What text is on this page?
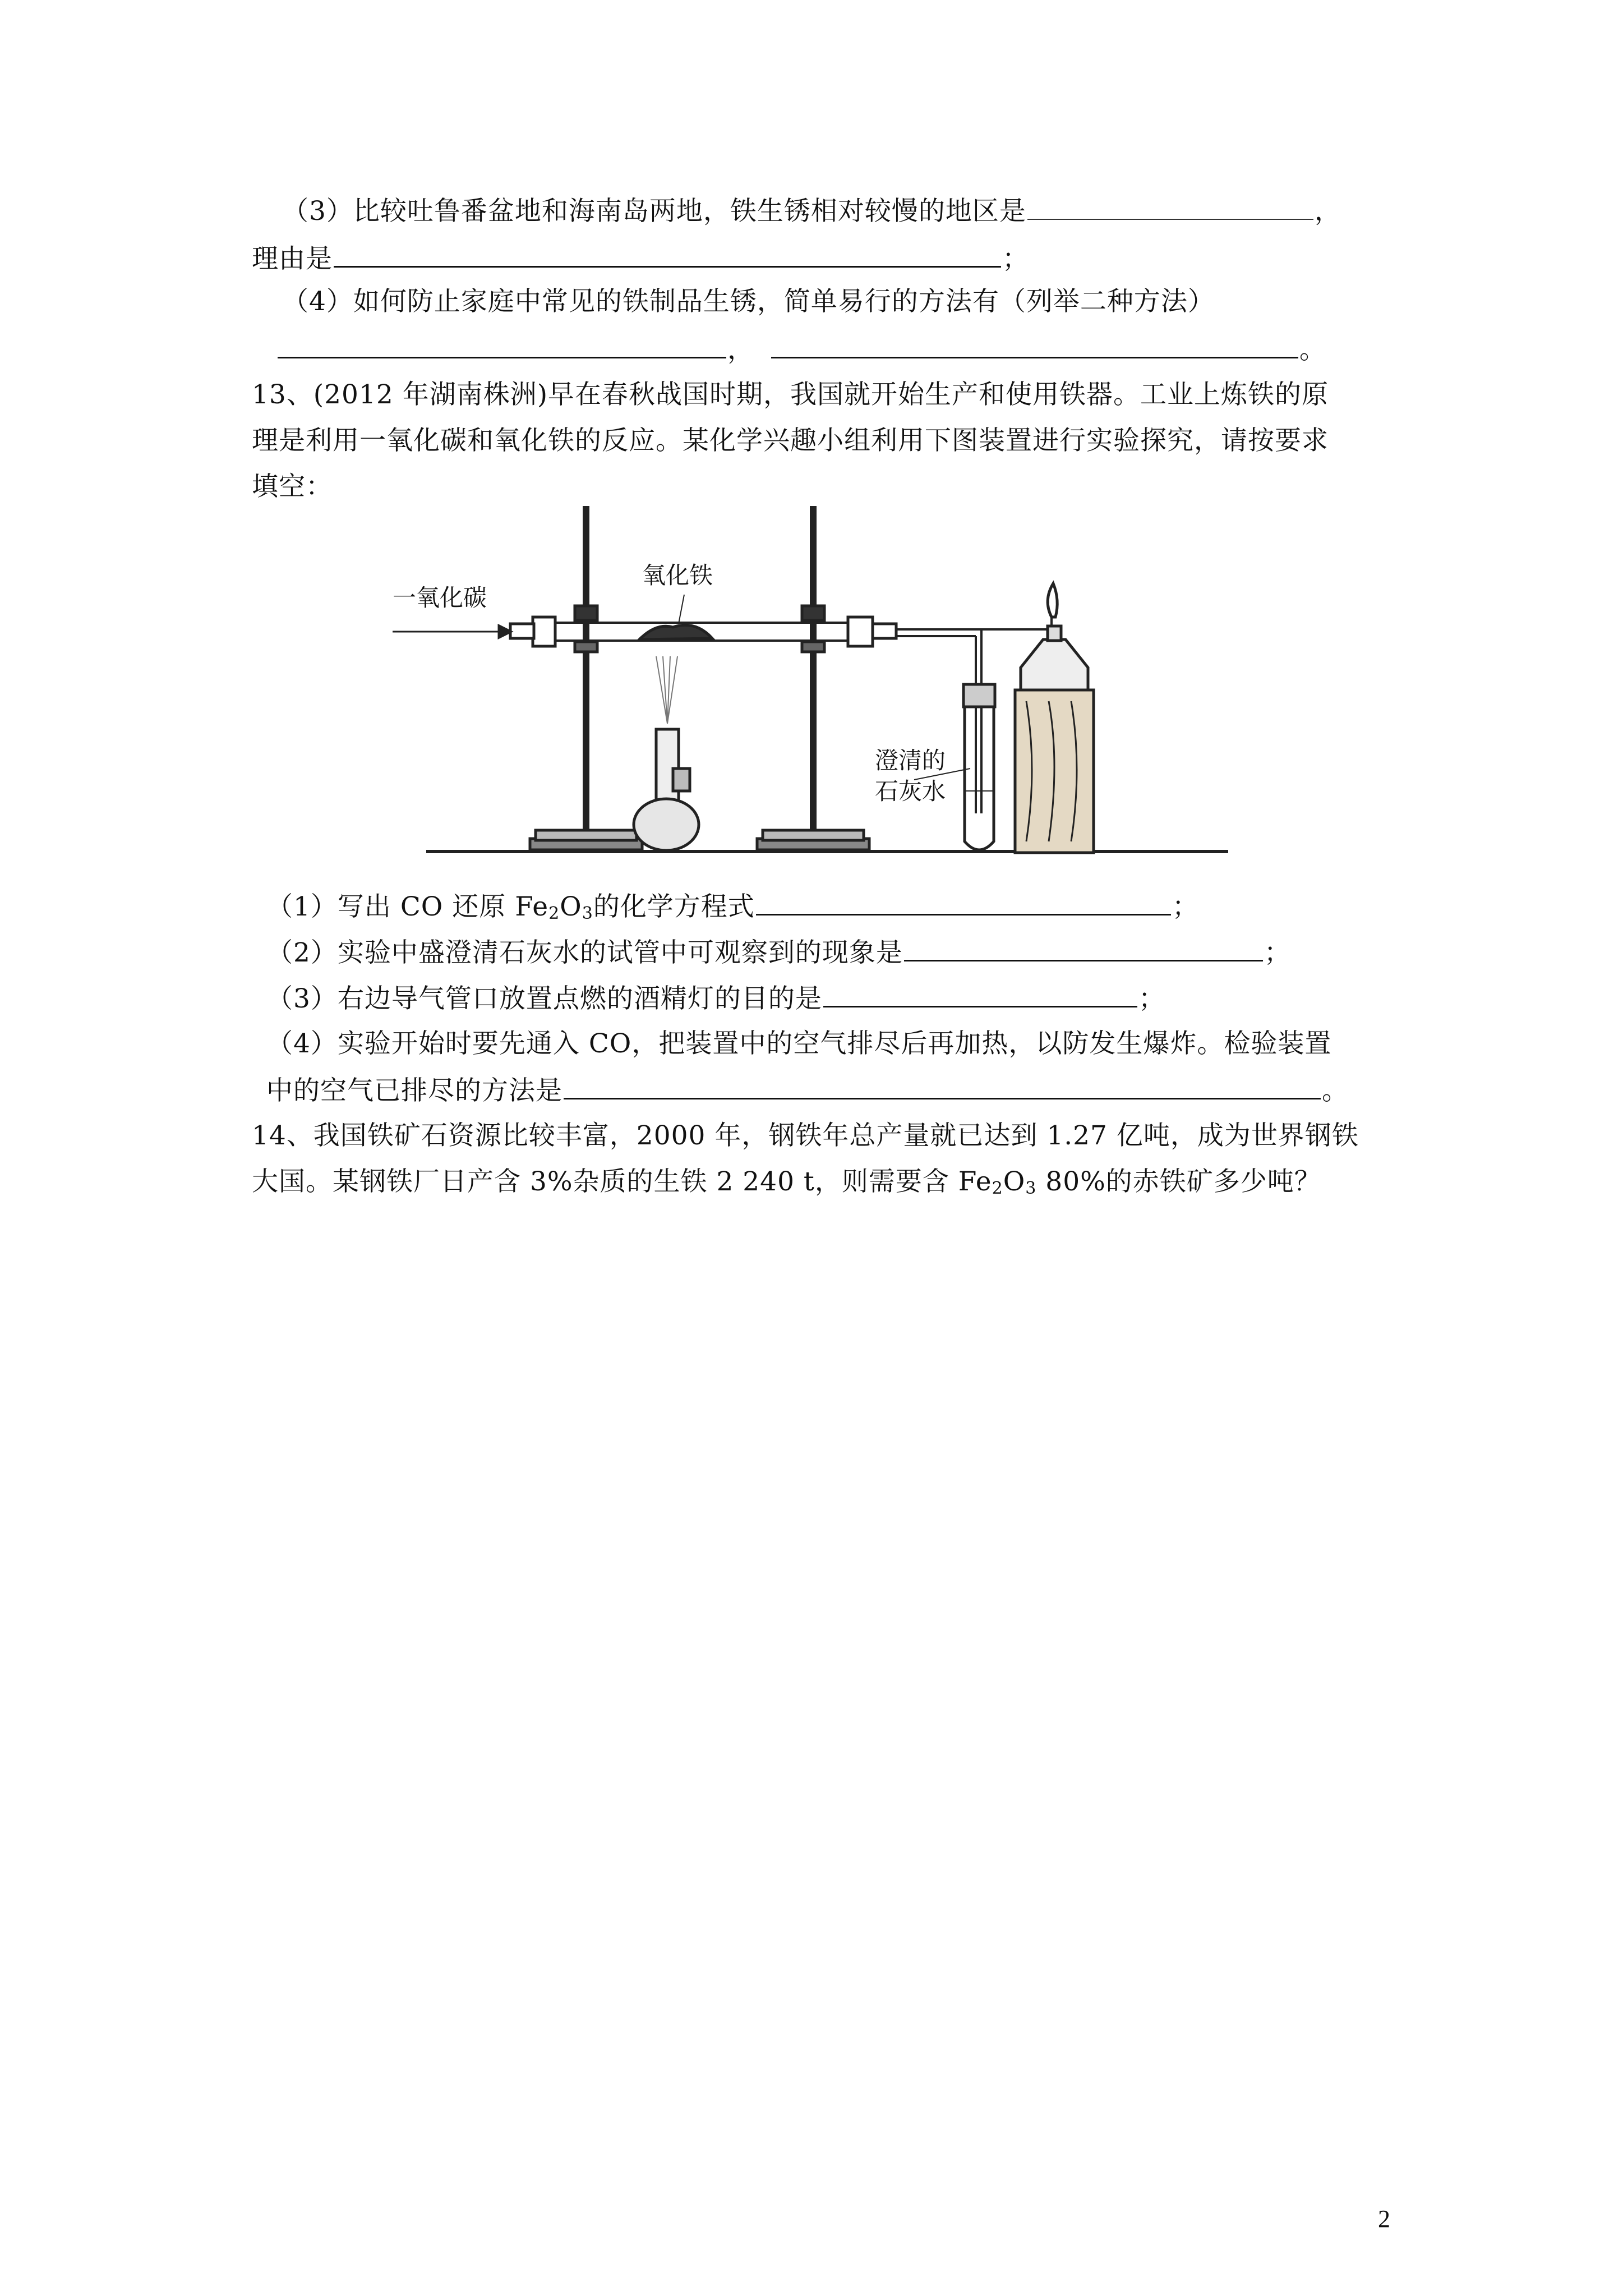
（3）比较吐鲁番盆地和海南岛两地，铁生锈相对较慢的地区是	，
理由是	；
（4）如何防止家庭中常见的铁制品生锈，简单易行的方法有（列举二种方法）
，	。
13、(2012 年湖南株洲)早在春秋战国时期，我国就开始生产和使用铁器。工业上炼铁的原
理是利用一氧化碳和氧化铁的反应。某化学兴趣小组利用下图装置进行实验探究，请按要求
填空：
一氧化碳
氧化铁
澄清的
石灰水
（1）写出 CO 还原 $Fe_2O_3$的化学方程式	；
（2）实验中盛澄清石灰水的试管中可观察到的现象是	；
（3）右边导气管口放置点燃的酒精灯的目的是	；
（4）实验开始时要先通入 CO，把装置中的空气排尽后再加热，以防发生爆炸。检验装置
中的空气已排尽的方法是	。
14、我国铁矿石资源比较丰富，2000 年，钢铁年总产量就已达到 1.27 亿吨，成为世界钢铁
大国。某钢铁厂日产含 3%杂质的生铁 2 240 t，则需要含 $Fe_2O_3$ 80%的赤铁矿多少吨？
2
